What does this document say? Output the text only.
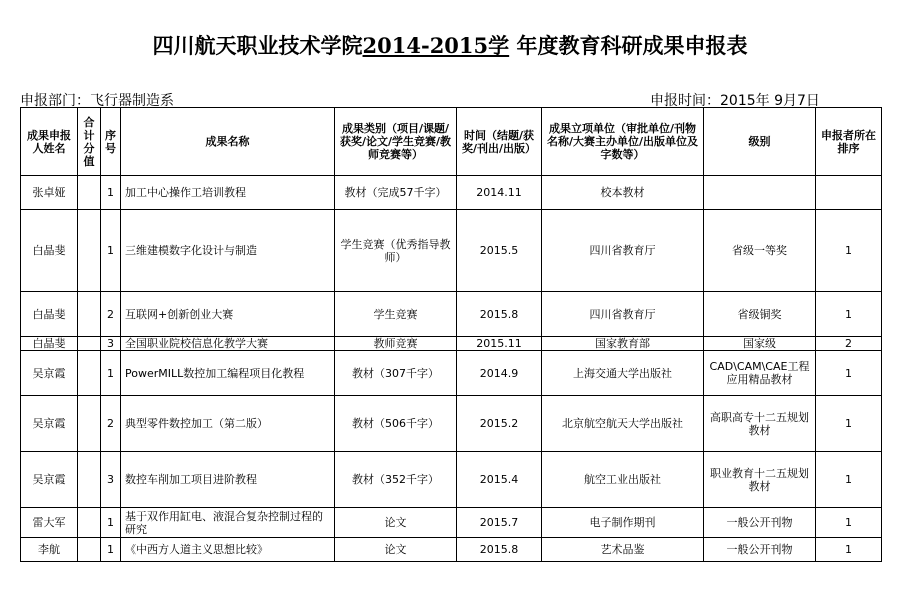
四川航天职业技术学院2014-2015学 年度教育科研成果申报表
申报部门：飞行器制造系	申报时间：2015年 9月7日
成果申报人姓名	合计分值	序号	成果名称	成果类别（项目/课题/获奖/论文/学生竞赛/教师竞赛等）	时间（结题/获奖/刊出/出版）	成果立项单位（审批单位/刊物名称/大赛主办单位/出版单位及字数等）	级别	申报者所在排序
张卓娅		1	加工中心操作工培训教程	教材（完成57千字）	2014.11	校本教材		
白晶斐		1	三维建模数字化设计与制造	学生竞赛（优秀指导教师）	2015.5	四川省教育厅	省级一等奖	1
白晶斐		2	互联网+创新创业大赛	学生竞赛	2015.8	四川省教育厅	省级铜奖	1
白晶斐		3	全国职业院校信息化教学大赛	教师竞赛	2015.11	国家教育部	国家级	2
吴京霞		1	PowerMILL数控加工编程项目化教程	教材（307千字）	2014.9	上海交通大学出版社	CAD\CAM\CAE工程应用精品教材	1
吴京霞		2	典型零件数控加工（第二版）	教材（506千字）	2015.2	北京航空航天大学出版社	高职高专十二五规划教材	1
吴京霞		3	数控车削加工项目进阶教程	教材（352千字）	2015.4	航空工业出版社	职业教育十二五规划教材	1
雷大军		1	基于双作用缸电、液混合复杂控制过程的研究	论文	2015.7	电子制作期刊	一般公开刊物	1
李航		1	《中西方人道主义思想比较》	论文	2015.8	艺术品鉴	一般公开刊物	1
